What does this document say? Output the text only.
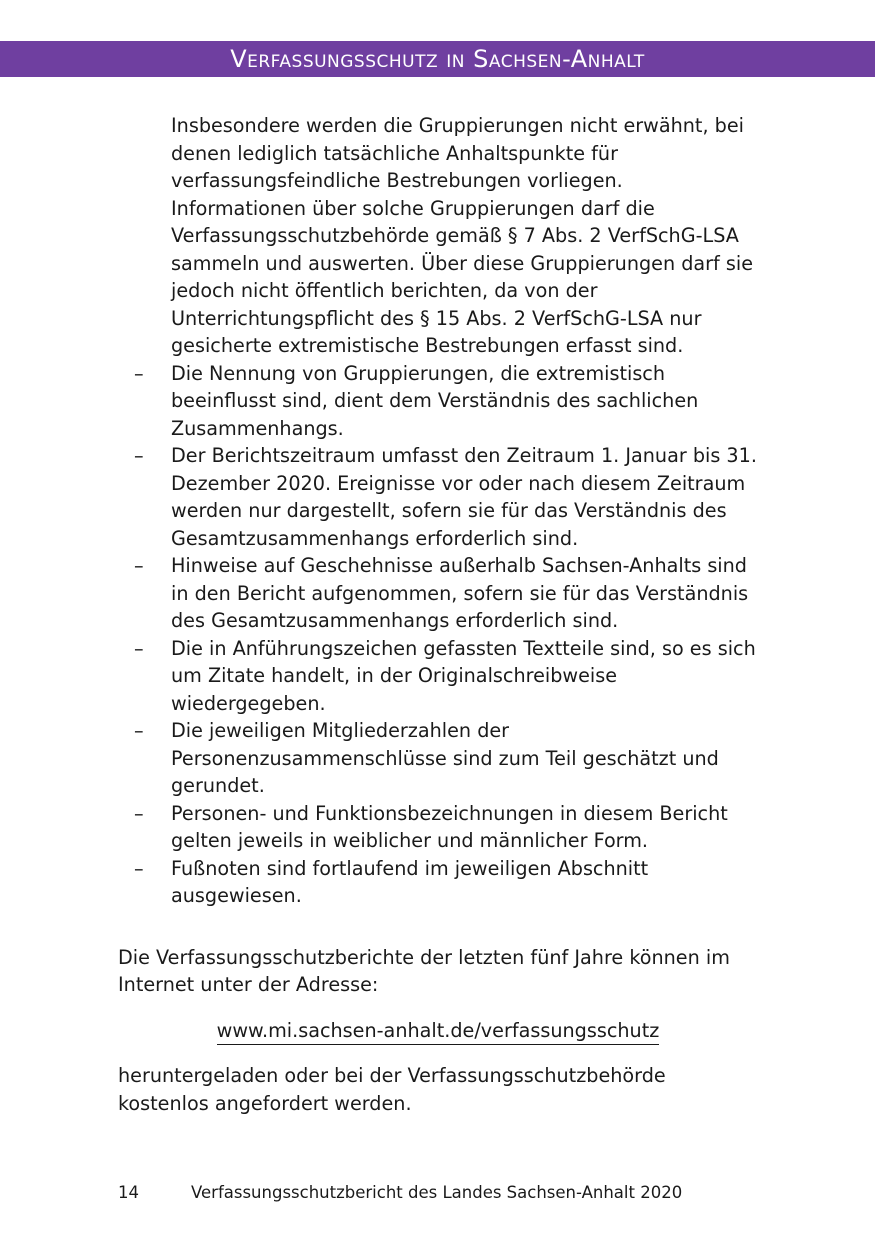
Verfassungsschutz in Sachsen-Anhalt

Insbesondere werden die Gruppierungen nicht erwähnt, bei denen lediglich tatsächliche Anhaltspunkte für verfassungsfeindliche Bestrebungen vorliegen. Informationen über solche Gruppierungen darf die Verfassungsschutzbehörde gemäß § 7 Abs. 2 VerfSchG-LSA sammeln und auswerten. Über diese Gruppierungen darf sie jedoch nicht öffentlich berichten, da von der Unterrichtungspflicht des § 15 Abs. 2 VerfSchG-LSA nur gesicherte extremistische Bestrebungen erfasst sind.

–	Die Nennung von Gruppierungen, die extremistisch beeinflusst sind, dient dem Verständnis des sachlichen Zusammenhangs.
–	Der Berichtszeitraum umfasst den Zeitraum 1. Januar bis 31. Dezember 2020. Ereignisse vor oder nach diesem Zeitraum werden nur dargestellt, sofern sie für das Verständnis des Gesamtzusammenhangs erforderlich sind.
–	Hinweise auf Geschehnisse außerhalb Sachsen-Anhalts sind in den Bericht aufgenommen, sofern sie für das Verständnis des Gesamtzusammenhangs erforderlich sind.
–	Die in Anführungszeichen gefassten Textteile sind, so es sich um Zitate handelt, in der Originalschreibweise wiedergegeben.
–	Die jeweiligen Mitgliederzahlen der Personenzusammenschlüsse sind zum Teil geschätzt und gerundet.
–	Personen- und Funktionsbezeichnungen in diesem Bericht gelten jeweils in weiblicher und männlicher Form.
–	Fußnoten sind fortlaufend im jeweiligen Abschnitt ausgewiesen.

Die Verfassungsschutzberichte der letzten fünf Jahre können im Internet unter der Adresse:

www.mi.sachsen-anhalt.de/verfassungsschutz

heruntergeladen oder bei der Verfassungsschutzbehörde kostenlos angefordert werden.

14	Verfassungsschutzbericht des Landes Sachsen-Anhalt 2020
